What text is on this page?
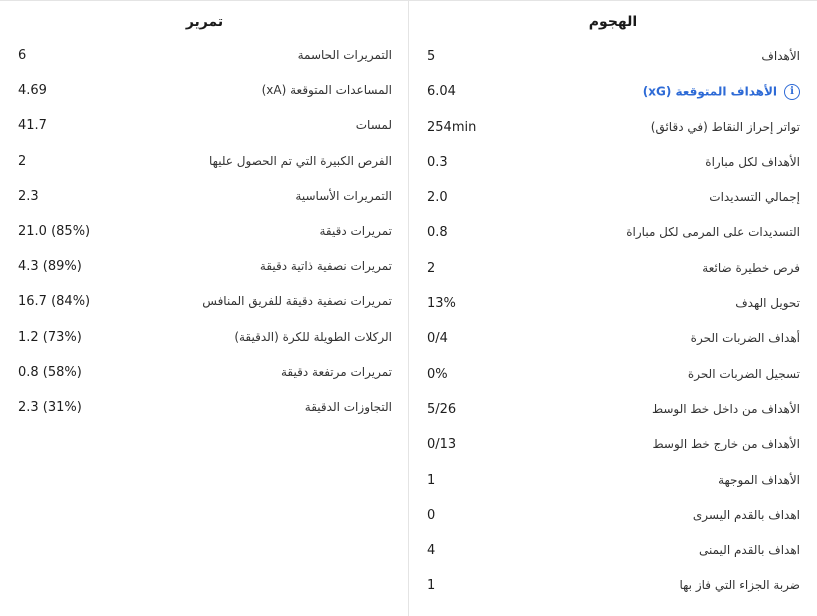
الهجوم
الأهداف
5
iالأهداف المتوقعة (xG)
6.04
تواتر إحراز النقاط (في دقائق)
254min
الأهداف لكل مباراة
0.3
إجمالي التسديدات
2.0
التسديدات على المرمى لكل مباراة
0.8
فرص خطيرة ضائعة
2
تحويل الهدف
13%
أهداف الضربات الحرة
0/4
تسجيل الضربات الحرة
0%
الأهداف من داخل خط الوسط
5/26
الأهداف من خارج خط الوسط
0/13
الأهداف الموجهة
1
اهداف بالقدم اليسرى
0
اهداف بالقدم اليمنى
4
ضربة الجزاء التي فاز بها
1
تمرير
التمريرات الحاسمة
6
المساعدات المتوقعة (xA)
4.69
لمسات
41.7
الفرص الكبيرة التي تم الحصول عليها
2
التمريرات الأساسية
2.3
تمريرات دقيقة
21.0 (85%)
تمريرات نصفية ذاتية دقيقة
4.3 (89%)
تمريرات نصفية دقيقة للفريق المنافس
16.7 (84%)
الركلات الطويلة للكرة (الدقيقة)
1.2 (73%)
تمريرات مرتفعة دقيقة
0.8 (58%)
التجاوزات الدقيقة
2.3 (31%)
